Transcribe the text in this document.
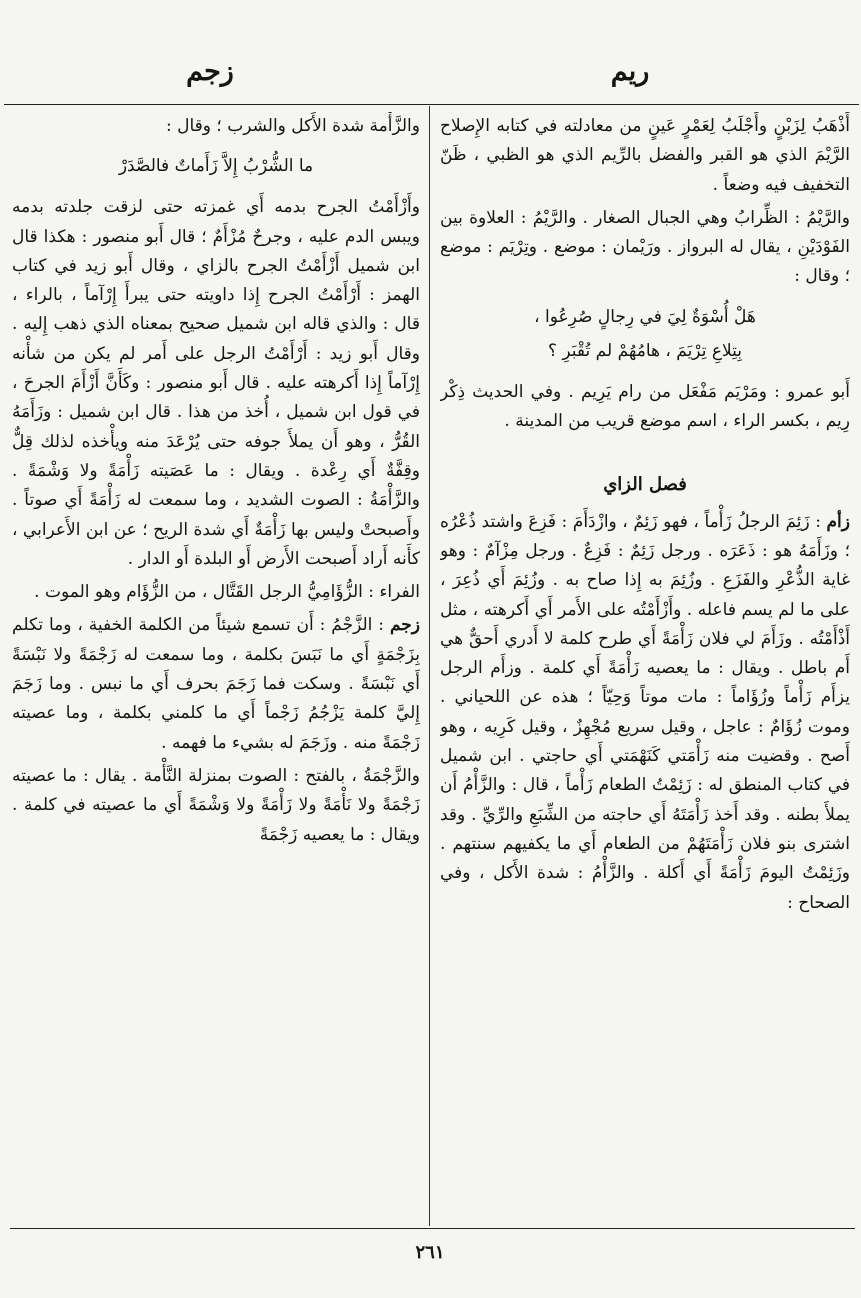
ريم
زجم

أَذْهَبُ لِزَبْنٍ وأَجْلَبُ لِعَمْرٍ عَينٍ من معادلته في كتابه الإِصلاح الرَّيْمَ الذي هو القبر والفضل بالرِّيم الذي هو الظبي ، ظَنّ التخفيف فيه وضعاً .

والرَّيْمُ : الظِّرابُ وهي الجبال الصغار . والرَّيْمُ : العلاوة بين الفَوْدَيْنِ ، يقال له البرواز . ورَيْمان : موضع . وتِرْيَم : موضع ؛ وقال :

هَلْ أُسْوَةٌ لِيَ في رِجالٍ صُرِعُوا ،
بِتِلاعِ تِرْيَمَ ، هامُهُمْ لم تُقْبَرِ ؟

أَبو عمرو : ومَرْيَم مَفْعَل من رام يَرِيم . وفي الحديث ذِكْر رِيم ، بكسر الراء ، اسم موضع قريب من المدينة .

فصل الزاي

زأم : زَئِمَ الرجلُ زَأْماً ، فهو زَئِمٌ ، وازْدَأَمَ : فَزِعَ واشتد ذُعْرُه ؛ وزَأَمَهُ هو : ذَعَرَه . ورجل زَئِمٌ : فَزِعٌ . ورجل مِزْآمٌ : وهو غاية الذُّعْرِ والفَزَعِ . وزُئِمَ به إِذا صاح به . وزُئِمَ أَي ذُعِرَ ، على ما لم يسم فاعله . وأَزْأَمْتُه على الأَمر أَي أَكرهته ، مثل أَذْأَمْتُه . وزَأَمَ لي فلان زَأْمَةً أَي طرح كلمة لا أَدري أَحقٌّ هي أَم باطل . ويقال : ما يعصيه زَأْمَةً أَي كلمة . وزأَم الرجل يزأَم زَأْماً وزُؤَاماً : مات موتاً وَحِيّاً ؛ هذه عن اللحياني . وموت زُؤَامٌ : عاجل ، وقيل سريع مُجْهِزٌ ، وقيل كَرِيه ، وهو أَصح . وقضيت منه زَأْمَتي كَنَهْمَتي أَي حاجتي . ابن شميل في كتاب المنطق له : زَئِمْتُ الطعام زَأْماً ، قال : والزَّأْمُ أَن يملأَ بطنه . وقد أَخذ زَأْمَتَهُ أَي حاجته من الشِّبَعِ والرِّيِّ . وقد اشترى بنو فلان زَأْمَتَهُمْ من الطعام أَي ما يكفيهم سنتهم . وزَئِمْتُ اليومَ زَأْمَةً أَي أَكلة . والزَّأْمُ : شدة الأَكل ، وفي الصحاح :

والزَّأْمة شدة الأَكل والشرب ؛ وقال :

ما الشُّرْبُ إِلاَّ زَأَماتٌ فالصَّدَرْ

وأَزْأَمْتُ الجرح بدمه أَي غمزته حتى لزقت جلدته بدمه ويبس الدم عليه ، وجرحٌ مُزْأَمٌ ؛ قال أَبو منصور : هكذا قال ابن شميل أَزْأَمْتُ الجرح بالزاي ، وقال أَبو زيد في كتاب الهمز : أَرْأَمْتُ الجرح إِذا داويته حتى يبرأَ إِرْآماً ، بالراء ، قال : والذي قاله ابن شميل صحيح بمعناه الذي ذهب إِليه . وقال أَبو زيد : أَرْأَمْتُ الرجل على أَمر لم يكن من شأْنه إِرْآماً إِذا أَكرهته عليه . قال أَبو منصور : وكَأَنَّ أَزْأَمَ الجرحَ ، في قول ابن شميل ، أُخذ من هذا . قال ابن شميل : وزَأَمَهُ القُرُّ ، وهو أَن يملأَ جوفه حتى يُرْعَدَ منه ويأْخذه لذلك قِلٌّ وقِفَّةٌ أَي رِعْدة . ويقال : ما عَصَيته زَأْمَةً ولا وَشْمَةً . والزَّأْمَةُ : الصوت الشديد ، وما سمعت له زَأْمَةً أَي صوتاً . وأَصبحتْ وليس بها زَأْمَةٌ أَي شدة الريح ؛ عن ابن الأَعرابي ، كأَنه أَراد أَصبحت الأَرض أَو البلدة أَو الدار .

الفراء : الزُّؤَامِيُّ الرجل القَتَّال ، من الزُّؤَام وهو الموت .

زجم : الزَّجْمُ : أَن تسمع شيئاً من الكلمة الخفية ، وما تكلم بِزَجْمَةٍ أَي ما نَبَسَ بكلمة ، وما سمعت له زَجْمَةً ولا نَبْسَةً أَي نَبْسَةً . وسكت فما زَجَمَ بحرف أَي ما نبس . وما زَجَمَ إِليَّ كلمة يَزْجُمُ زَجْماً أَي ما كلمني بكلمة ، وما عصيته زَجْمَةً منه . وزَجَمَ له بشيء ما فهمه .

والزَّجْمَةُ ، بالفتح : الصوت بمنزلة النَّأْمة . يقال : ما عصيته زَجْمَةً ولا نَأْمَةً ولا زَأْمَةً ولا وَشْمَةً أَي ما عصيته في كلمة . ويقال : ما يعصيه زَجْمَةً

٢٦١
